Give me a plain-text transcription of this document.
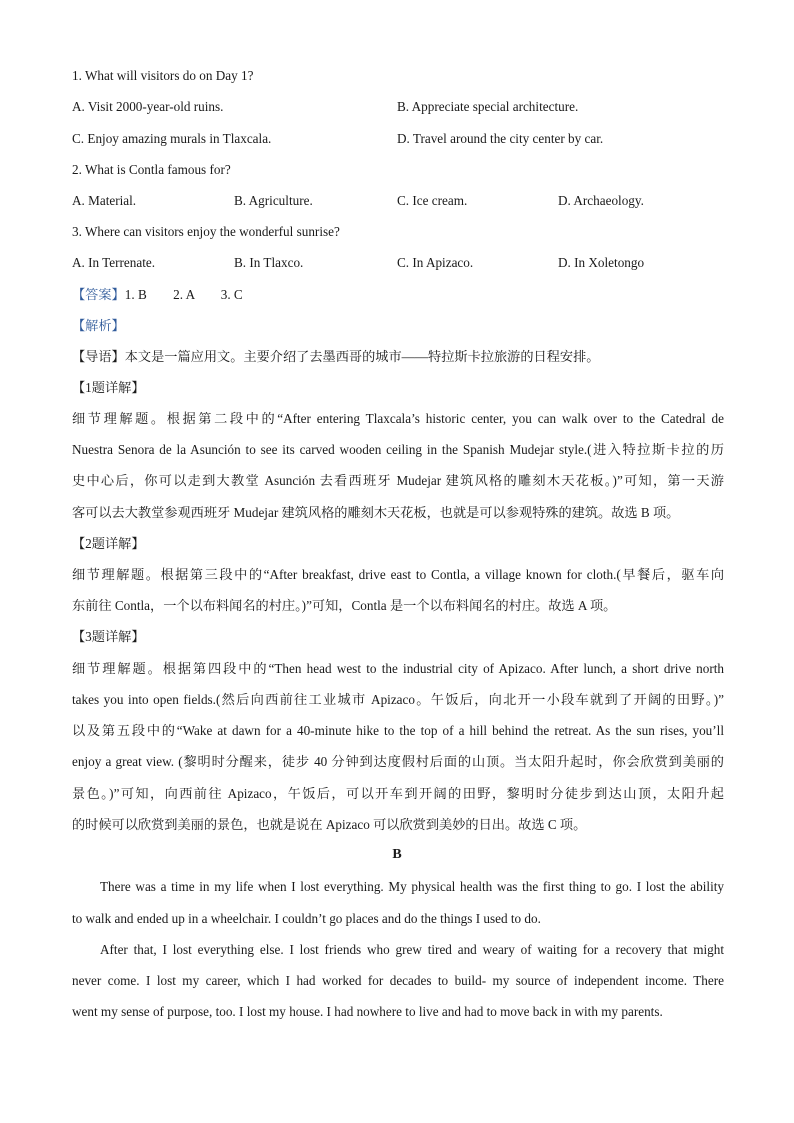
1. What will visitors do on Day 1?
A. Visit 2000-year-old ruins.	B. Appreciate special architecture.
C. Enjoy amazing murals in Tlaxcala.	D. Travel around the city center by car.
2. What is Contla famous for?
A. Material.	B. Agriculture.	C. Ice cream.	D. Archaeology.
3. Where can visitors enjoy the wonderful sunrise?
A. In Terrenate.	B. In Tlaxco.	C. In Apizaco.	D. In Xoletongo
【答案】1. B        2. A        3. C
【解析】
【导语】本文是一篇应用文。主要介绍了去墨西哥的城市——特拉斯卡拉旅游的日程安排。
【1题详解】
细节理解题。根据第二段中的“After entering Tlaxcala’s historic center, you can walk over to the Catedral de
Nuestra Senora de la Asunción to see its carved wooden ceiling in the Spanish Mudejar style.(进入特拉斯卡拉的历
史中心后，你可以走到大教堂 Asunción 去看西班牙 Mudejar 建筑风格的雕刻木天花板。)”可知，第一天游
客可以去大教堂参观西班牙 Mudejar 建筑风格的雕刻木天花板，也就是可以参观特殊的建筑。故选 B 项。
【2题详解】
细节理解题。根据第三段中的“After breakfast, drive east to Contla, a village known for cloth.(早餐后，驱车向
东前往 Contla，一个以布料闻名的村庄。)”可知，Contla 是一个以布料闻名的村庄。故选 A 项。
【3题详解】
细节理解题。根据第四段中的“Then head west to the industrial city of Apizaco. After lunch, a short drive north
takes you into open fields.(然后向西前往工业城市 Apizaco。午饭后，向北开一小段车就到了开阔的田野。)”
以及第五段中的“Wake at dawn for a 40-minute hike to the top of a hill behind the retreat. As the sun rises, you’ll
enjoy a great view. (黎明时分醒来，徒步 40 分钟到达度假村后面的山顶。当太阳升起时，你会欣赏到美丽的
景色。)”可知，向西前往 Apizaco，午饭后，可以开车到开阔的田野，黎明时分徒步到达山顶，太阳升起
的时候可以欣赏到美丽的景色，也就是说在 Apizaco 可以欣赏到美妙的日出。故选 C 项。
B
There was a time in my life when I lost everything. My physical health was the first thing to go. I lost the ability
to walk and ended up in a wheelchair. I couldn’t go places and do the things I used to do.
After that, I lost everything else. I lost friends who grew tired and weary of waiting for a recovery that might
never come. I lost my career, which I had worked for decades to build- my source of independent income. There
went my sense of purpose, too. I lost my house. I had nowhere to live and had to move back in with my parents.
